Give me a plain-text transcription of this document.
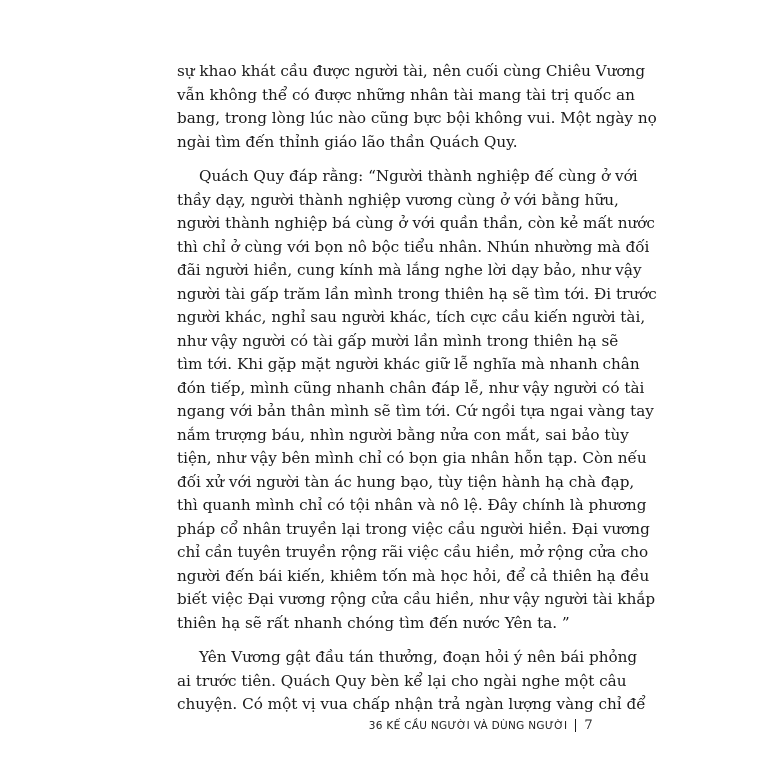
sự khao khát cầu được người tài, nên cuối cùng Chiêu Vương
vẫn không thể có được những nhân tài mang tài trị quốc an
bang, trong lòng lúc nào cũng bực bội không vui. Một ngày nọ
ngài tìm đến thỉnh giáo lão thần Quách Quy.
Quách Quy đáp rằng: “Người thành nghiệp đế cùng ở với
thầy dạy, người thành nghiệp vương cùng ở với bằng hữu,
người thành nghiệp bá cùng ở với quần thần, còn kẻ mất nước
thì chỉ ở cùng với bọn nô bộc tiểu nhân. Nhún nhường mà đối
đãi người hiền, cung kính mà lắng nghe lời dạy bảo, như vậy
người tài gấp trăm lần mình trong thiên hạ sẽ tìm tới. Đi trước
người khác, nghỉ sau người khác, tích cực cầu kiến người tài,
như vậy người có tài gấp mười lần mình trong thiên hạ sẽ
tìm tới. Khi gặp mặt người khác giữ lễ nghĩa mà nhanh chân
đón tiếp, mình cũng nhanh chân đáp lễ, như vậy người có tài
ngang với bản thân mình sẽ tìm tới. Cứ ngồi tựa ngai vàng tay
nắm trượng báu, nhìn người bằng nửa con mắt, sai bảo tùy
tiện, như vậy bên mình chỉ có bọn gia nhân hỗn tạp. Còn nếu
đối xử với người tàn ác hung bạo, tùy tiện hành hạ chà đạp,
thì quanh mình chỉ có tội nhân và nô lệ. Đây chính là phương
pháp cổ nhân truyền lại trong việc cầu người hiền. Đại vương
chỉ cần tuyên truyền rộng rãi việc cầu hiền, mở rộng cửa cho
người đến bái kiến, khiêm tốn mà học hỏi, để cả thiên hạ đều
biết việc Đại vương rộng cửa cầu hiền, như vậy người tài khắp
thiên hạ sẽ rất nhanh chóng tìm đến nước Yên ta. ”
Yên Vương gật đầu tán thưởng, đoạn hỏi ý nên bái phỏng
ai trước tiên. Quách Quy bèn kể lại cho ngài nghe một câu
chuyện. Có một vị vua chấp nhận trả ngàn lượng vàng chỉ để
36 KẾ CẦU NGƯỜI VÀ DÙNG NGƯỜI 7
